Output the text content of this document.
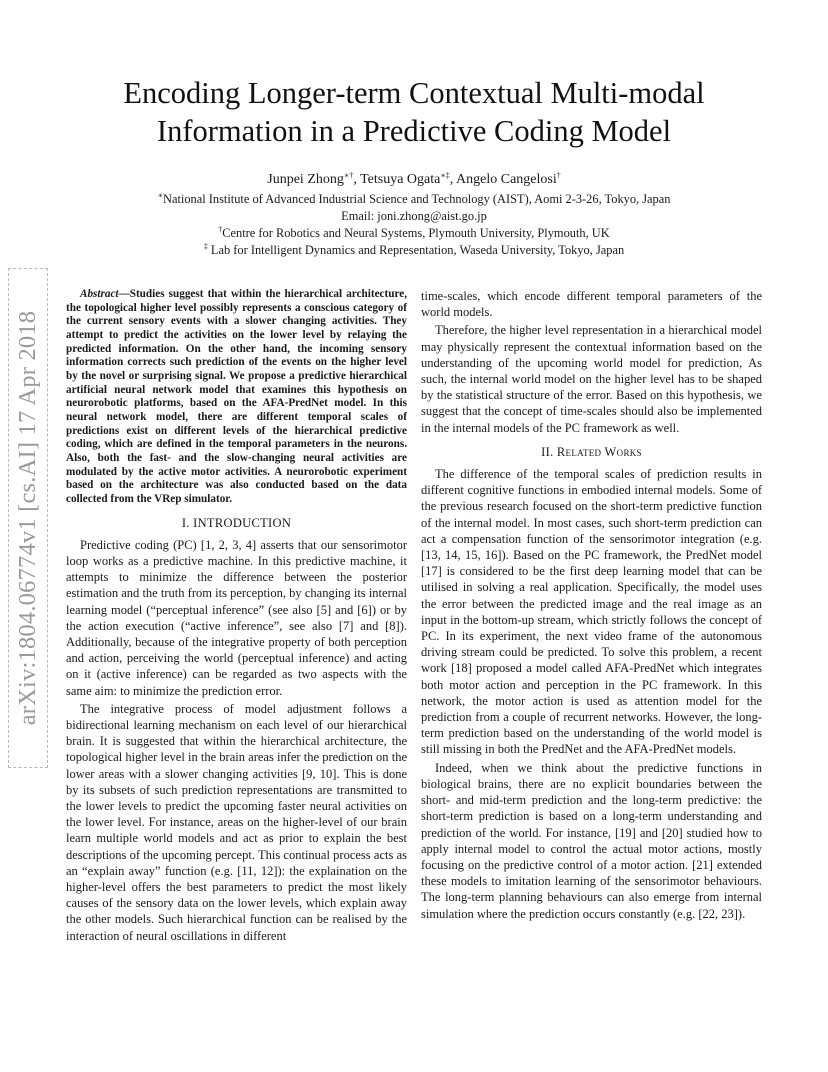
arXiv:1804.06774v1 [cs.AI] 17 Apr 2018
Encoding Longer-term Contextual Multi-modal
Information in a Predictive Coding Model
Junpei Zhong∗†, Tetsuya Ogata∗‡, Angelo Cangelosi†
∗National Institute of Advanced Industrial Science and Technology (AIST), Aomi 2-3-26, Tokyo, Japan
Email: joni.zhong@aist.go.jp
†Centre for Robotics and Neural Systems, Plymouth University, Plymouth, UK
‡ Lab for Intelligent Dynamics and Representation, Waseda University, Tokyo, Japan

Abstract—Studies suggest that within the hierarchical architecture, the topological higher level possibly represents a conscious category of the current sensory events with a slower changing activities. They attempt to predict the activities on the lower level by relaying the predicted information. On the other hand, the incoming sensory information corrects such prediction of the events on the higher level by the novel or surprising signal. We propose a predictive hierarchical artificial neural network model that examines this hypothesis on neurorobotic platforms, based on the AFA-PredNet model. In this neural network model, there are different temporal scales of predictions exist on different levels of the hierarchical predictive coding, which are defined in the temporal parameters in the neurons. Also, both the fast- and the slow-changing neural activities are modulated by the active motor activities. A neurorobotic experiment based on the architecture was also conducted based on the data collected from the VRep simulator.

I. INTRODUCTION

Predictive coding (PC) [1, 2, 3, 4] asserts that our sensorimotor loop works as a predictive machine. In this predictive machine, it attempts to minimize the difference between the posterior estimation and the truth from its perception, by changing its internal learning model (“perceptual inference” (see also [5] and [6]) or by the action execution (“active inference”, see also [7] and [8]). Additionally, because of the integrative property of both perception and action, perceiving the world (perceptual inference) and acting on it (active inference) can be regarded as two aspects with the same aim: to minimize the prediction error.

The integrative process of model adjustment follows a bidirectional learning mechanism on each level of our hierarchical brain. It is suggested that within the hierarchical architecture, the topological higher level in the brain areas infer the prediction on the lower areas with a slower changing activities [9, 10]. This is done by its subsets of such prediction representations are transmitted to the lower levels to predict the upcoming faster neural activities on the lower level. For instance, areas on the higher-level of our brain learn multiple world models and act as prior to explain the best descriptions of the upcoming percept. This continual process acts as an “explain away” function (e.g. [11, 12]): the explaination on the higher-level offers the best parameters to predict the most likely causes of the sensory data on the lower levels, which explain away the other models. Such hierarchical function can be realised by the interaction of neural oscillations in different

time-scales, which encode different temporal parameters of the world models.

Therefore, the higher level representation in a hierarchical model may physically represent the contextual information based on the understanding of the upcoming world model for prediction, As such, the internal world model on the higher level has to be shaped by the statistical structure of the error. Based on this hypothesis, we suggest that the concept of time-scales should also be implemented in the internal models of the PC framework as well.

II. Related Works

The difference of the temporal scales of prediction results in different cognitive functions in embodied internal models. Some of the previous research focused on the short-term predictive function of the internal model. In most cases, such short-term prediction can act a compensation function of the sensorimotor integration (e.g. [13, 14, 15, 16]). Based on the PC framework, the PredNet model [17] is considered to be the first deep learning model that can be utilised in solving a real application. Specifically, the model uses the error between the predicted image and the real image as an input in the bottom-up stream, which strictly follows the concept of PC. In its experiment, the next video frame of the autonomous driving stream could be predicted. To solve this problem, a recent work [18] proposed a model called AFA-PredNet which integrates both motor action and perception in the PC framework. In this network, the motor action is used as attention model for the prediction from a couple of recurrent networks. However, the long-term prediction based on the understanding of the world model is still missing in both the PredNet and the AFA-PredNet models.

Indeed, when we think about the predictive functions in biological brains, there are no explicit boundaries between the short- and mid-term prediction and the long-term predictive: the short-term prediction is based on a long-term understanding and prediction of the world. For instance, [19] and [20] studied how to apply internal model to control the actual motor actions, mostly focusing on the predictive control of a motor action. [21] extended these models to imitation learning of the sensorimotor behaviours. The long-term planning behaviours can also emerge from internal simulation where the prediction occurs constantly (e.g. [22, 23]).
